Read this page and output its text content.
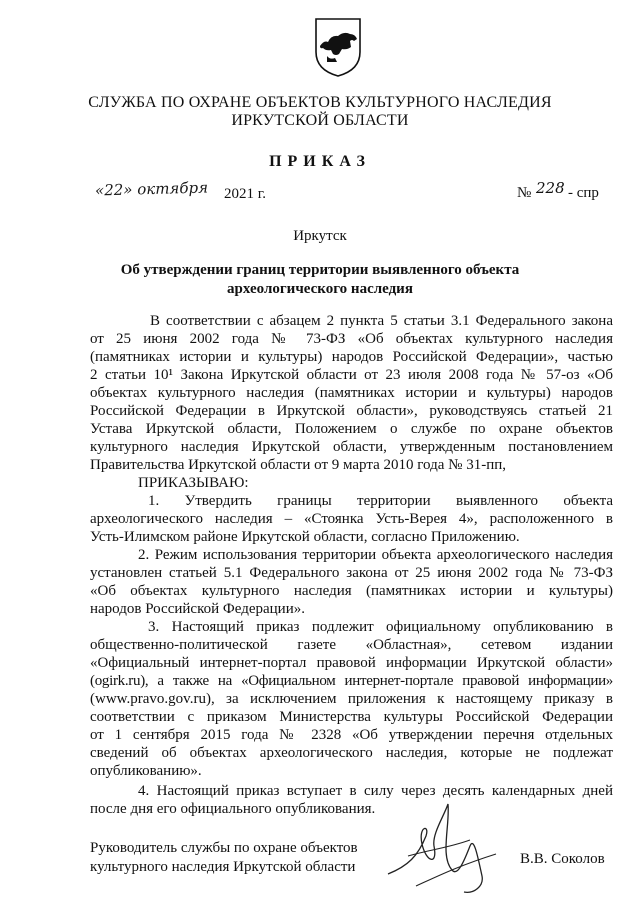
СЛУЖБА ПО ОХРАНЕ ОБЪЕКТОВ КУЛЬТУРНОГО НАСЛЕДИЯ
ИРКУТСКОЙ ОБЛАСТИ
ПРИКАЗ
«22» октября 2021 г.	№ 228 - спр
Иркутск
Об утверждении границ территории выявленного объекта
археологического наследия
В соответствии с абзацем 2 пункта 5 статьи 3.1 Федерального закона
от 25 июня 2002 года № 73-ФЗ «Об объектах культурного наследия
(памятниках истории и культуры) народов Российской Федерации», частью
2 статьи 10¹ Закона Иркутской области от 23 июля 2008 года № 57-оз «Об
объектах культурного наследия (памятниках истории и культуры) народов
Российской Федерации в Иркутской области», руководствуясь статьей 21
Устава Иркутской области, Положением о службе по охране объектов
культурного наследия Иркутской области, утвержденным постановлением
Правительства Иркутской области от 9 марта 2010 года № 31-пп,
ПРИКАЗЫВАЮ:
1. Утвердить границы территории выявленного объекта
археологического наследия – «Стоянка Усть-Верея 4», расположенного в
Усть-Илимском районе Иркутской области, согласно Приложению.
2. Режим использования территории объекта археологического наследия
установлен статьей 5.1 Федерального закона от 25 июня 2002 года № 73-ФЗ
«Об объектах культурного наследия (памятниках истории и культуры)
народов Российской Федерации».
3. Настоящий приказ подлежит официальному опубликованию в
общественно-политической газете «Областная», сетевом издании
«Официальный интернет-портал правовой информации Иркутской области»
(ogirk.ru), а также на «Официальном интернет-портале правовой информации»
(www.pravo.gov.ru), за исключением приложения к настоящему приказу в
соответствии с приказом Министерства культуры Российской Федерации
от 1 сентября 2015 года № 2328 «Об утверждении перечня отдельных
сведений об объектах археологического наследия, которые не подлежат
опубликованию».
4. Настоящий приказ вступает в силу через десять календарных дней
после дня его официального опубликования.
Руководитель службы по охране объектов
культурного наследия Иркутской области	В.В. Соколов
